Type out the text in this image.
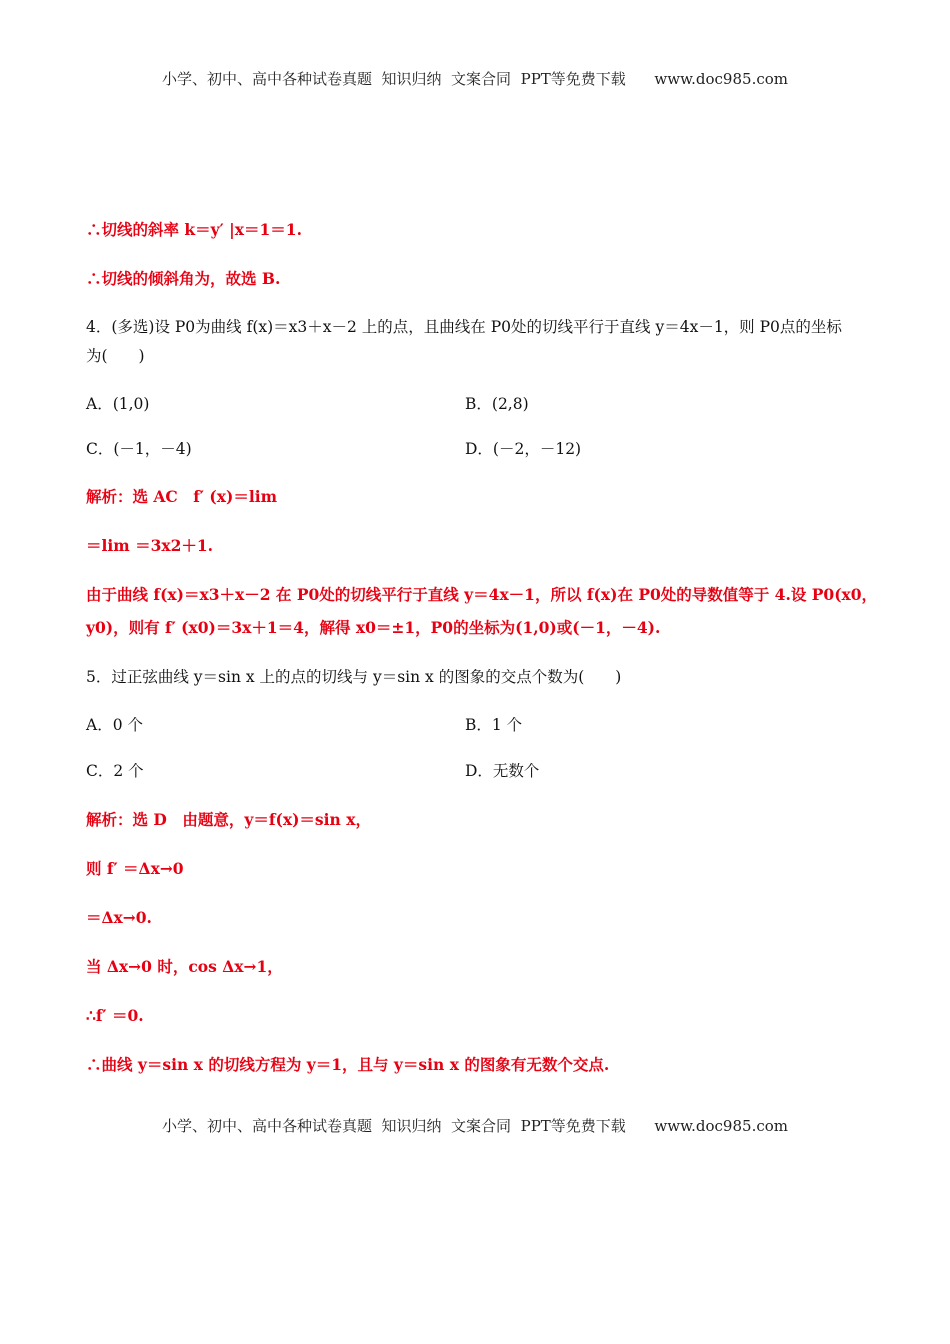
小学、初中、高中各种试卷真题  知识归纳  文案合同  PPT等免费下载      www.doc985.com
∴切线的斜率 k＝y′ |x＝1＝1.
∴切线的倾斜角为，故选 B.
4．(多选)设 P0为曲线 f(x)＝x3＋x－2 上的点，且曲线在 P0处的切线平行于直线 y＝4x－1，则 P0点的坐标
为(　　)
A．(1,0)	B．(2,8)
C．(－1，－4)	D．(－2，－12)
解析：选 AC　f′ (x)＝lim
＝lim ＝3x2＋1.
由于曲线 f(x)＝x3＋x－2 在 P0处的切线平行于直线 y＝4x－1，所以 f(x)在 P0处的导数值等于 4.设 P0(x0，
y0)，则有 f′ (x0)＝3x＋1＝4，解得 x0＝±1，P0的坐标为(1,0)或(－1，－4).
5．过正弦曲线 y＝sin x 上的点的切线与 y＝sin x 的图象的交点个数为(　　)
A．0 个	B．1 个
C．2 个	D．无数个
解析：选 D　由题意，y＝f(x)＝sin x，
则 f′ ＝Δx→0
＝Δx→0.
当 Δx→0 时，cos Δx→1，
∴f′ ＝0.
∴曲线 y＝sin x 的切线方程为 y＝1，且与 y＝sin x 的图象有无数个交点.
小学、初中、高中各种试卷真题  知识归纳  文案合同  PPT等免费下载      www.doc985.com
